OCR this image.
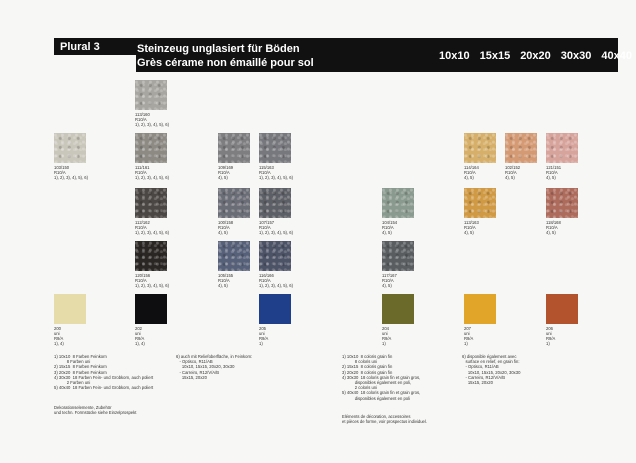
Plural 3	Steinzeug unglasiert für Böden
Grès cérame non émaillé pour sol
10x10 15x15 20x20 30x30 40x40
113/160
R10/A
1), 2), 3), 4), 5), 6)
103/150
R10/A
1), 2), 3), 4), 5), 6)
111/161
R10/A
1), 2), 3), 4), 5), 6)
109/169
R10/A
4), 5)
115/163
R10/A
1), 2), 3), 4), 5), 6)
114/164
R10/A
4), 5)
102/152
R10/A
4), 5)
121/151
R10/A
4), 5)
112/162
R10/A
1), 2), 3), 4), 5), 6)
100/158
R10/A
4), 5)
107/157
R10/A
1), 2), 3), 4), 5), 6)
104/154
R10/A
4), 5)
113/163
R10/A
4), 5)
118/168
R10/A
4), 5)
120/156
R10/A
1), 2), 3), 4), 5), 6)
105/155
R10/A
4), 5)
116/166
R10/A
1), 2), 3), 4), 5), 6)
117/167
R10/A
4), 5)
200
uni
R9/A
1), 4)
202
uni
R9/A
1), 4)
205
uni
R9/A
1)
204
uni
R9/A
1)
207
uni
R9/A
1)
206
uni
R9/A
1)
1) 10x10  8 Farben Feinkorn
8 Farben uni
2) 15x15  8 Farben Feinkorn
3) 20x20  8 Farben Feinkorn
4) 30x30  18 Farben Fein- und Grobkorn, auch poliert
2 Farben uni
5) 40x40  18 Farben Fein- und Grobkorn, auch poliert
Dekorationselemente, Zubehör
und techn. Formstücke siehe Einzelprospekt
6) auch mit Reliefoberfläche, in Feinkorn:
- Optisco, R11/AB
10x10, 15x15, 20x20, 30x30
- Carreiro, R12/V/A/B
15x15, 20x20
1) 10x10  8 coloris grain fin
8 coloris uni
2) 15x15  8 coloris grain fin
3) 20x20  8 coloris grain fin
4) 30x30  18 coloris grain fin et grain gros,
disponibles également en poli,
2 coloris uni
5) 40x40  18 coloris grain fin et grain gros,
disponibles également en poli
Eléments de décoration, accessoires
et pièces de forme, voir prospectus individuel.
6) disponible également avec
surface en relief, en grain fin:
- Optisco, R11/AB
10x10, 15x15, 20x20, 30x30
- Carreiro, R12/V/A/B
15x15, 20x20
